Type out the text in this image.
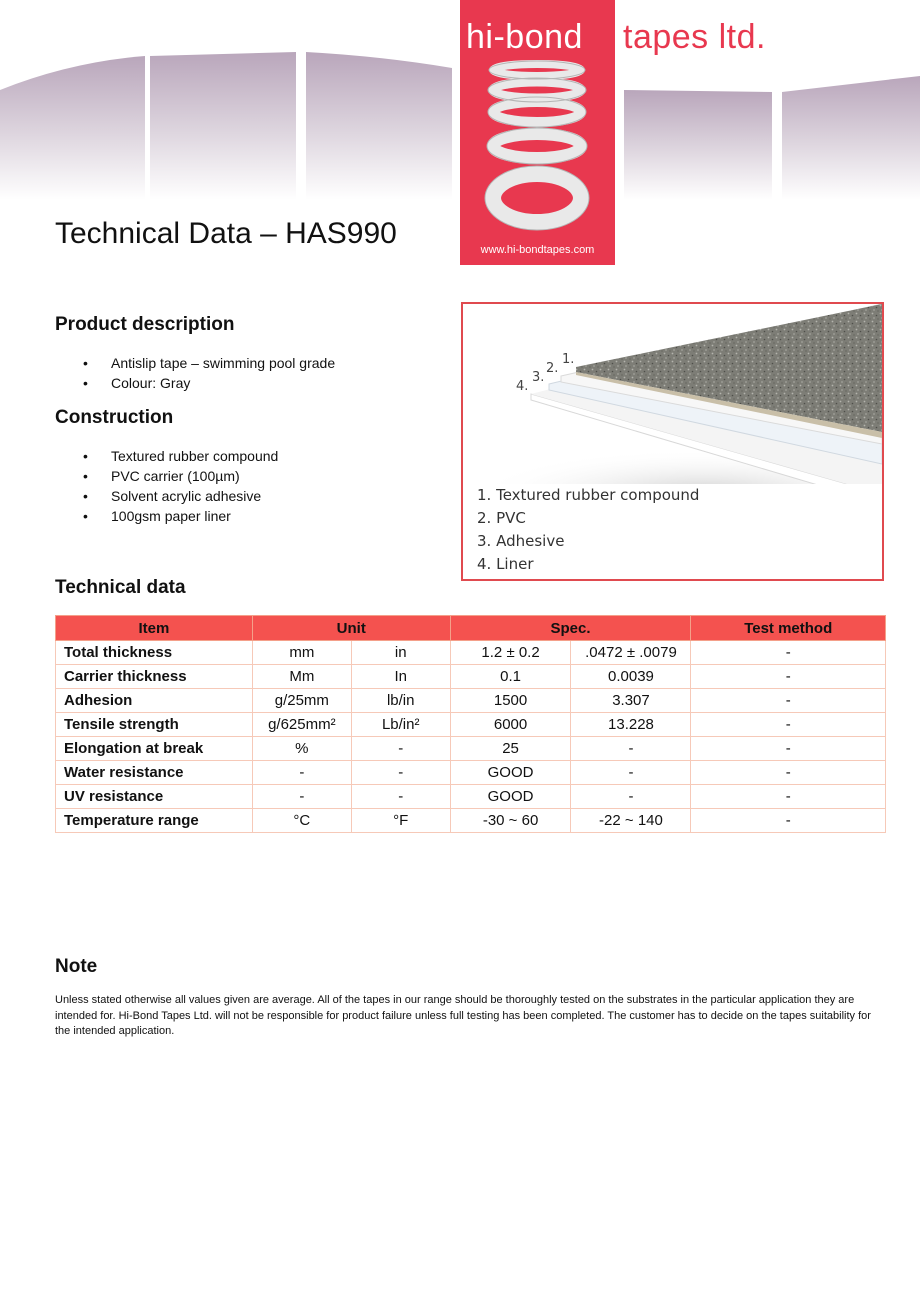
hi-bond
www.hi-bondtapes.com
tapes ltd.
Technical Data – HAS990
Product description
• Antislip tape – swimming pool grade
• Colour: Gray
Construction
• Textured rubber compound
• PVC carrier (100µm)
• Solvent acrylic adhesive
• 100gsm paper liner
1.
2.
3.
4.
1. Textured rubber compound
2. PVC
3. Adhesive
4. Liner
Technical data
Item	Unit		Spec.		Test method
Total thickness	mm	in	1.2 ± 0.2	.0472 ± .0079	-
Carrier thickness	Mm	In	0.1	0.0039	-
Adhesion	g/25mm	lb/in	1500	3.307	-
Tensile strength	g/625mm²	Lb/in²	6000	13.228	-
Elongation at break	%	-	25	-	-
Water resistance	-	-	GOOD	-	-
UV resistance	-	-	GOOD	-	-
Temperature range	°C	°F	-30 ~ 60	-22 ~ 140	-
Note

Unless stated otherwise all values given are average. All of the tapes in our range should be thoroughly tested on the substrates in the particular application they are intended for. Hi-Bond Tapes Ltd. will not be responsible for product failure unless full testing has been completed. The customer has to decide on the tapes suitability for the intended application.
